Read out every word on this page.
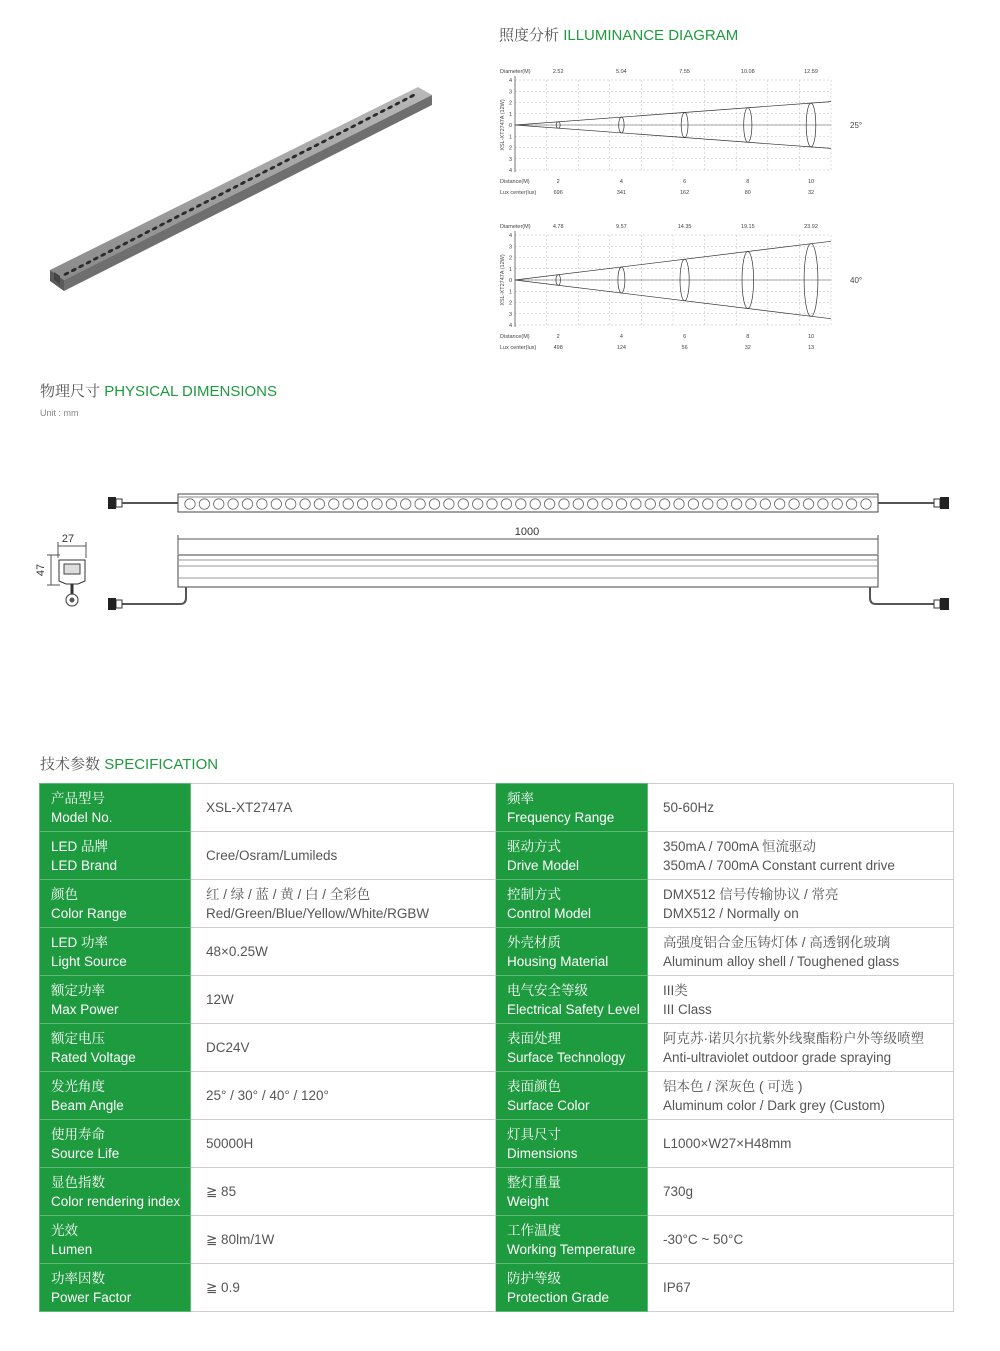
照度分析 ILLUMINANCE DIAGRAM
4
3
2
1
0
1
2
3
4
XSL-XT2747A (12W)
Diameter(M)	2.52	5.04	7.55	10.08	12.59
25°
Distance(M)
Lux center(lux)
2	4	6	8	10
696	341	162	80	32
4
3
2
1
0
1
2
3
4
XSL-XT2747A (12W)
Diameter(M)	4.78	9.57	14.35	19.15	23.92
40°
Distance(M)
Lux center(lux)
2	4	6	8	10
498	124	56	32	13
物理尺寸 PHYSICAL DIMENSIONS
Unit : mm
1000
27
47
技术参数 SPECIFICATION
产品型号
Model No.	XSL-XT2747A	频率
Frequency Range	50-60Hz

LED 品牌
LED Brand	Cree/Osram/Lumileds	驱动方式
Drive Model	350mA / 700mA 恒流驱动
350mA / 700mA Constant current drive

颜色
Color Range	红 / 绿 / 蓝 / 黄 / 白 / 全彩色
Red/Green/Blue/Yellow/White/RGBW	控制方式
Control Model	DMX512 信号传输协议 / 常亮
DMX512 / Normally on

LED 功率
Light Source	48×0.25W	外壳材质
Housing Material	高强度铝合金压铸灯体 / 高透钢化玻璃
Aluminum alloy shell / Toughened glass

额定功率
Max Power	12W	电气安全等级
Electrical Safety Level	III类
III Class

额定电压
Rated Voltage	DC24V	表面处理
Surface Technology	阿克苏·诺贝尔抗紫外线聚酯粉户外等级喷塑
Anti-ultraviolet outdoor grade spraying

发光角度
Beam Angle	25° / 30° / 40° / 120°	表面颜色
Surface Color	铝本色 / 深灰色 ( 可选 )
Aluminum color / Dark grey (Custom)

使用寿命
Source Life	50000H	灯具尺寸
Dimensions	L1000×W27×H48mm

显色指数
Color rendering index	≧ 85	整灯重量
Weight	730g

光效
Lumen	≧ 80lm/1W	工作温度
Working Temperature	-30°C ~ 50°C

功率因数
Power Factor	≧ 0.9	防护等级
Protection Grade	IP67
